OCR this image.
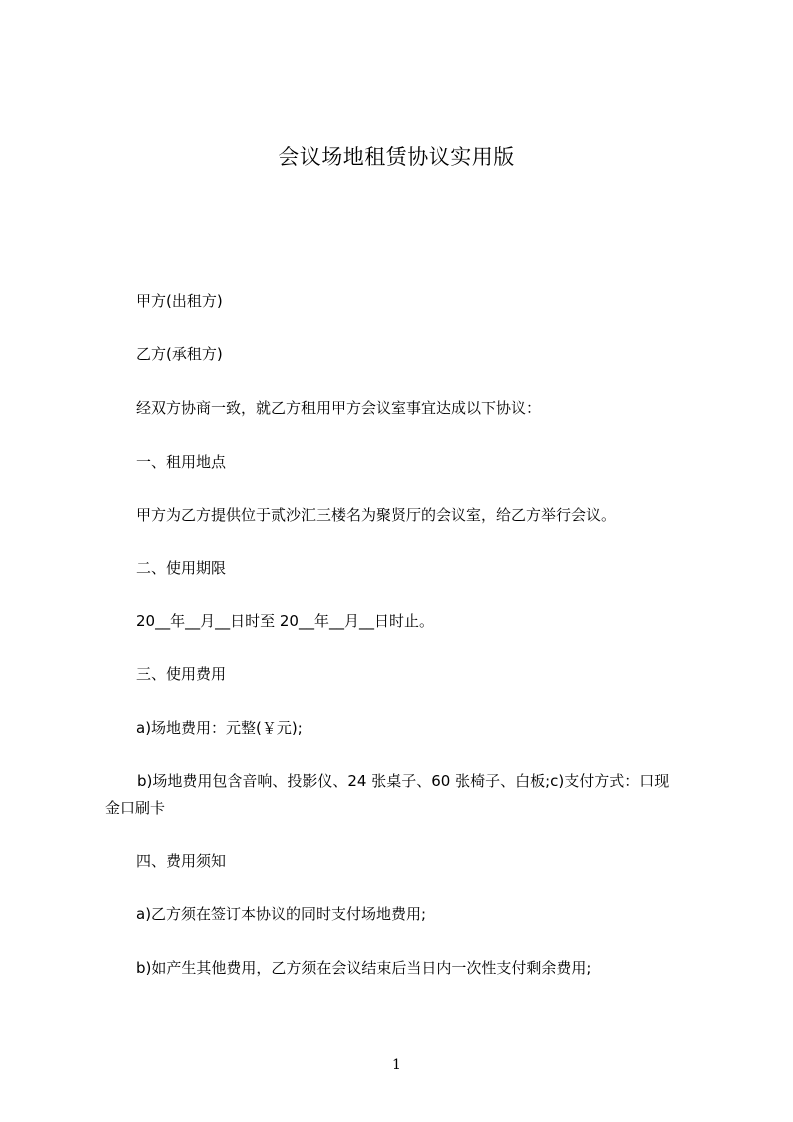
会议场地租赁协议实用版
甲方(出租方)
乙方(承租方)
经双方协商一致，就乙方租用甲方会议室事宜达成以下协议：
一、租用地点
甲方为乙方提供位于贰沙汇三楼名为聚贤厅的会议室，给乙方举行会议。
二、使用期限
20__年__月__日时至 20__年__月__日时止。
三、使用费用
a)场地费用：元整(￥元);
b)场地费用包含音响、投影仪、24 张桌子、60 张椅子、白板;c)支付方式：口现
金口刷卡
四、费用须知
a)乙方须在签订本协议的同时支付场地费用;
b)如产生其他费用，乙方须在会议结束后当日内一次性支付剩余费用;
1
